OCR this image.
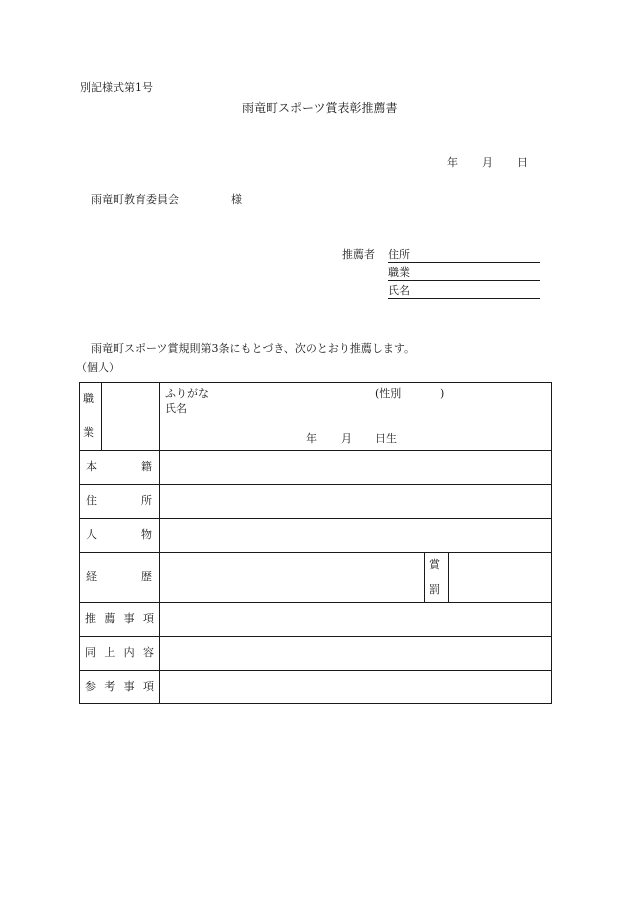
別記様式第1号
雨竜町スポーツ賞表彰推薦書
年 月 日
雨竜町教育委員会	様
推薦者 住所
職業
氏名
雨竜町スポーツ賞規則第3条にもとづき、次のとおり推薦します。
（個人）
職
業
ふりがな
氏名
(性別	)
年 月 日生
本	籍
住	所
人	物
経	歴
賞
罰
推 薦 事 項
同 上 内 容
参 考 事 項
